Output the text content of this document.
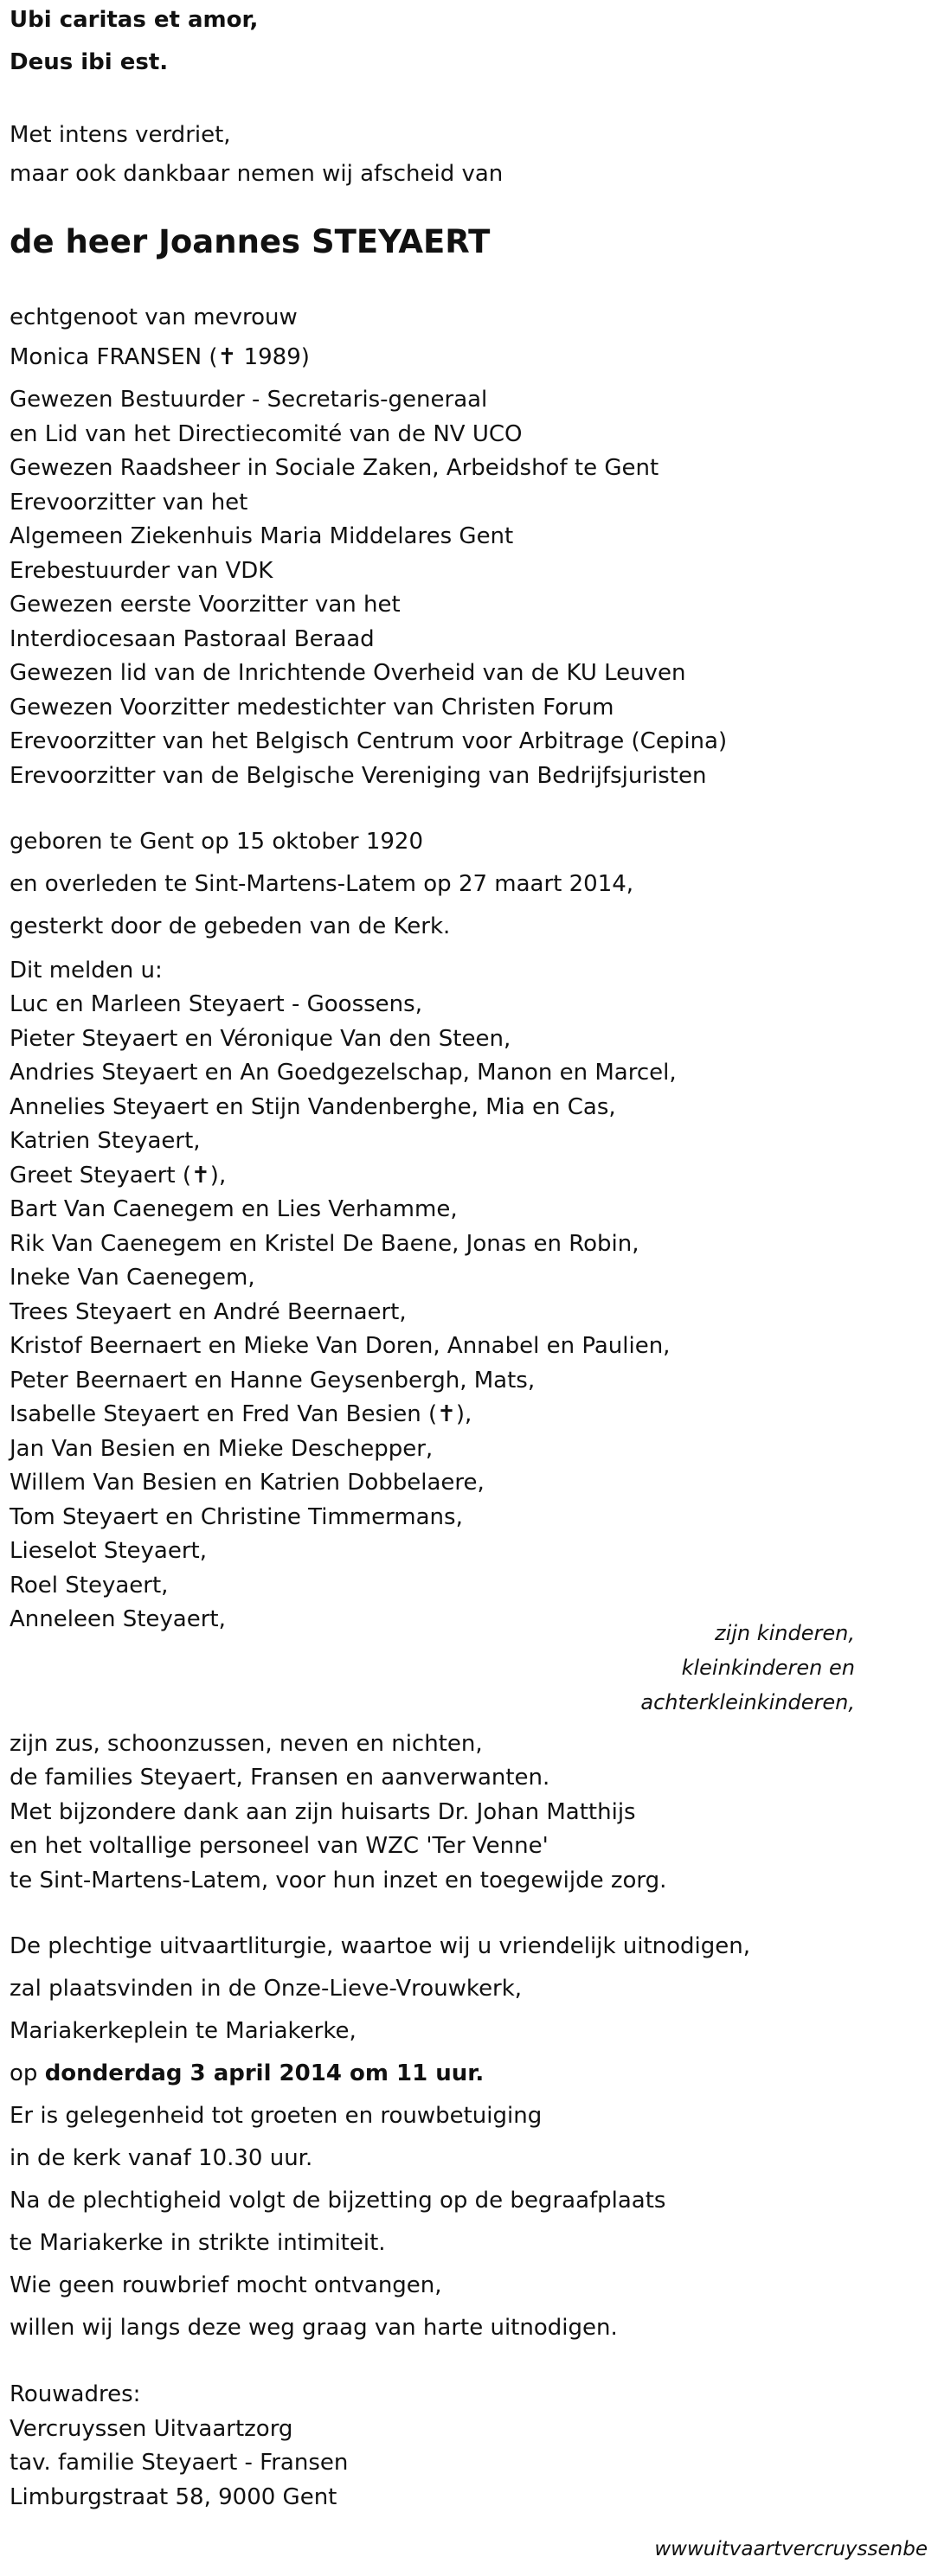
Ubi caritas et amor,

Deus ibi est.

Met intens verdriet,

maar ook dankbaar nemen wij afscheid van

de heer Joannes STEYAERT

echtgenoot van mevrouw

Monica FRANSEN (✝ 1989)

Gewezen Bestuurder - Secretaris-generaal

en Lid van het Directiecomité van de NV UCO

Gewezen Raadsheer in Sociale Zaken, Arbeidshof te Gent

Erevoorzitter van het

Algemeen Ziekenhuis Maria Middelares Gent

Erebestuurder van VDK

Gewezen eerste Voorzitter van het

Interdiocesaan Pastoraal Beraad

Gewezen lid van de Inrichtende Overheid van de KU Leuven

Gewezen Voorzitter medestichter van Christen Forum

Erevoorzitter van het Belgisch Centrum voor Arbitrage (Cepina)

Erevoorzitter van de Belgische Vereniging van Bedrijfsjuristen

geboren te Gent op 15 oktober 1920

en overleden te Sint-Martens-Latem op 27 maart 2014,

gesterkt door de gebeden van de Kerk.

Dit melden u:

Luc en Marleen Steyaert - Goossens,

Pieter Steyaert en Véronique Van den Steen,

Andries Steyaert en An Goedgezelschap, Manon en Marcel,

Annelies Steyaert en Stijn Vandenberghe, Mia en Cas,

Katrien Steyaert,

Greet Steyaert (✝),

Bart Van Caenegem en Lies Verhamme,

Rik Van Caenegem en Kristel De Baene, Jonas en Robin,

Ineke Van Caenegem,

Trees Steyaert en André Beernaert,

Kristof Beernaert en Mieke Van Doren, Annabel en Paulien,

Peter Beernaert en Hanne Geysenbergh, Mats,

Isabelle Steyaert en Fred Van Besien (✝),

Jan Van Besien en Mieke Deschepper,

Willem Van Besien en Katrien Dobbelaere,

Tom Steyaert en Christine Timmermans,

Lieselot Steyaert,

Roel Steyaert,

Anneleen Steyaert,

zijn kinderen,

kleinkinderen en

achterkleinkinderen,

zijn zus, schoonzussen, neven en nichten,

de families Steyaert, Fransen en aanverwanten.

Met bijzondere dank aan zijn huisarts Dr. Johan Matthijs

en het voltallige personeel van WZC 'Ter Venne'

te Sint-Martens-Latem, voor hun inzet en toegewijde zorg.

De plechtige uitvaartliturgie, waartoe wij u vriendelijk uitnodigen,

zal plaatsvinden in de Onze-Lieve-Vrouwkerk,

Mariakerkeplein te Mariakerke,

op donderdag 3 april 2014 om 11 uur.

Er is gelegenheid tot groeten en rouwbetuiging

in de kerk vanaf 10.30 uur.

Na de plechtigheid volgt de bijzetting op de begraafplaats

te Mariakerke in strikte intimiteit.

Wie geen rouwbrief mocht ontvangen,

willen wij langs deze weg graag van harte uitnodigen.

Rouwadres:

Vercruyssen Uitvaartzorg

tav. familie Steyaert - Fransen

Limburgstraat 58, 9000 Gent

wwwuitvaartvercruyssenbe
